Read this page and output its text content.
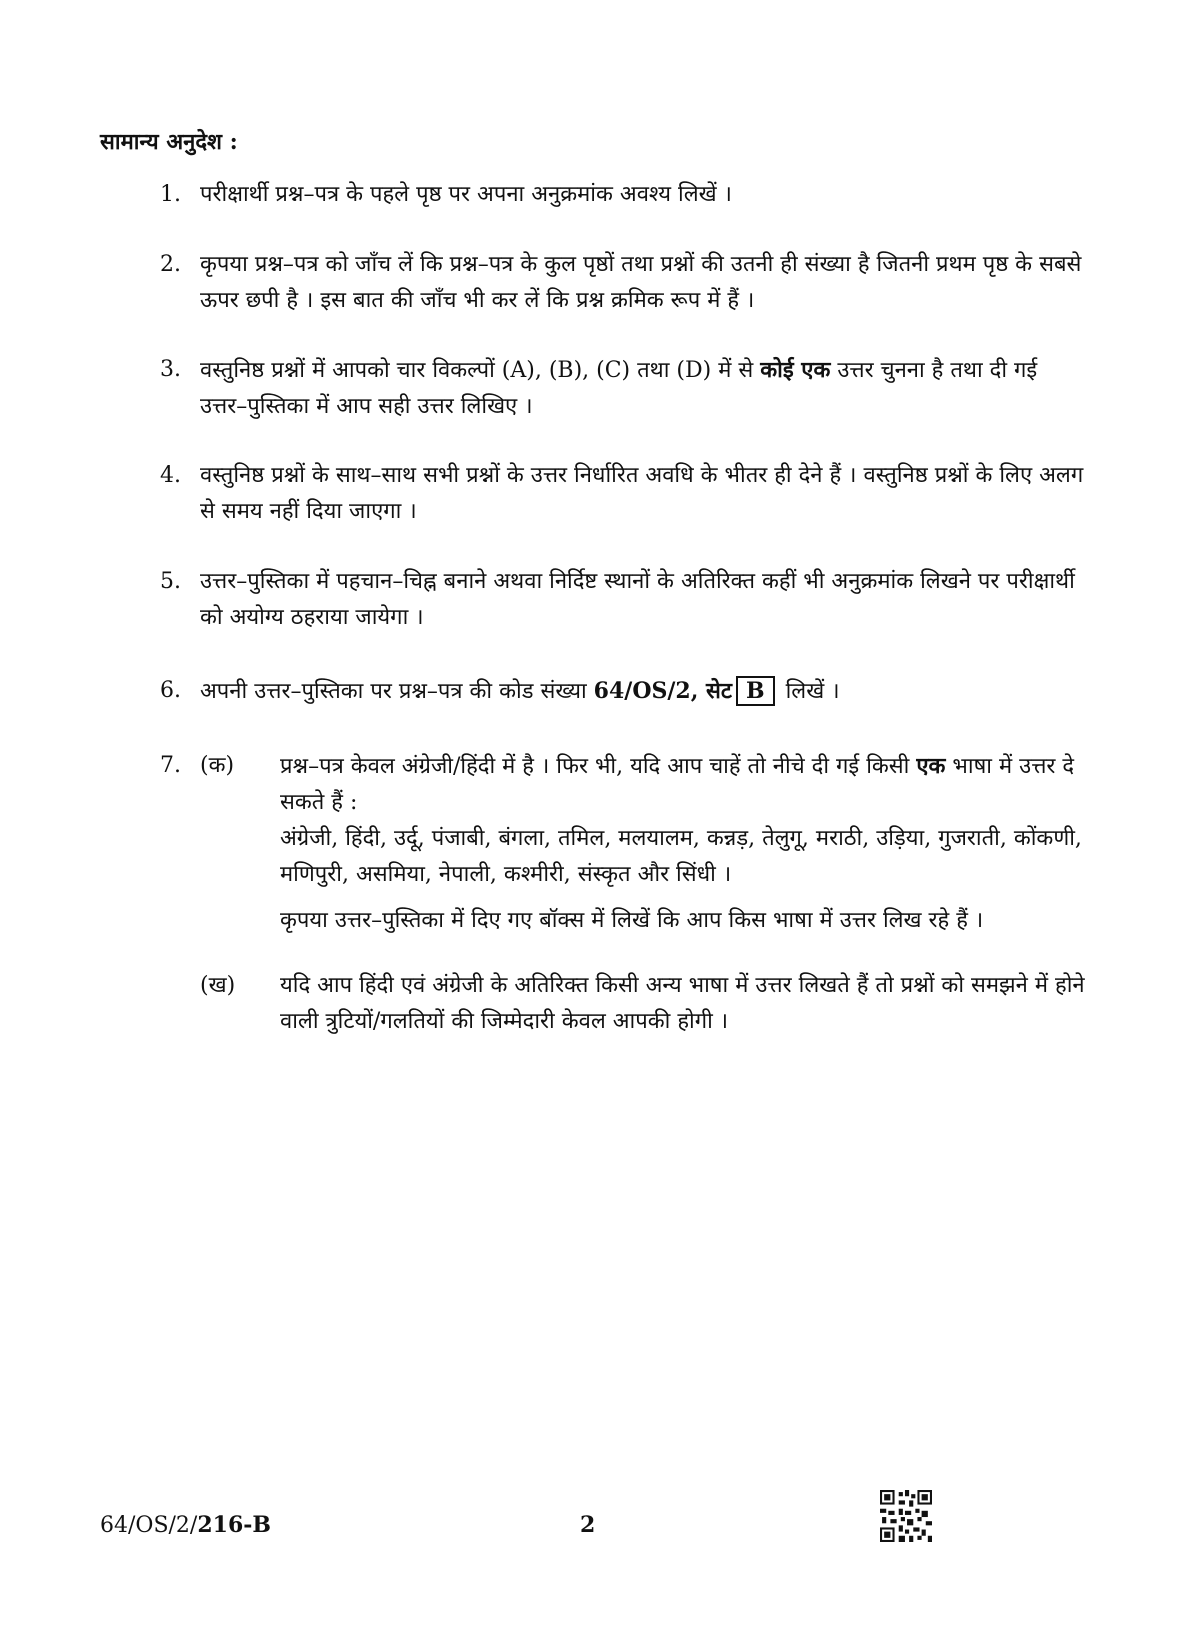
सामान्य अनुदेश :
1. परीक्षार्थी प्रश्न–पत्र के पहले पृष्ठ पर अपना अनुक्रमांक अवश्य लिखें ।
2. कृपया प्रश्न–पत्र को जाँच लें कि प्रश्न–पत्र के कुल पृष्ठों तथा प्रश्नों की उतनी ही संख्या है जितनी प्रथम पृष्ठ के सबसे ऊपर छपी है । इस बात की जाँच भी कर लें कि प्रश्न क्रमिक रूप में हैं ।
3. वस्तुनिष्ठ प्रश्नों में आपको चार विकल्पों (A), (B), (C) तथा (D) में से कोई एक उत्तर चुनना है तथा दी गई उत्तर–पुस्तिका में आप सही उत्तर लिखिए ।
4. वस्तुनिष्ठ प्रश्नों के साथ–साथ सभी प्रश्नों के उत्तर निर्धारित अवधि के भीतर ही देने हैं । वस्तुनिष्ठ प्रश्नों के लिए अलग से समय नहीं दिया जाएगा ।
5. उत्तर–पुस्तिका में पहचान–चिह्न बनाने अथवा निर्दिष्ट स्थानों के अतिरिक्त कहीं भी अनुक्रमांक लिखने पर परीक्षार्थी को अयोग्य ठहराया जायेगा ।
6. अपनी उत्तर–पुस्तिका पर प्रश्न–पत्र की कोड संख्या 64/OS/2, सेट B लिखें ।
7. (क)	प्रश्न–पत्र केवल अंग्रेजी/हिंदी में है । फिर भी, यदि आप चाहें तो नीचे दी गई किसी एक भाषा में उत्तर दे सकते हैं :

अंग्रेजी, हिंदी, उर्दू, पंजाबी, बंगला, तमिल, मलयालम, कन्नड़, तेलुगू, मराठी, उड़िया, गुजराती, कोंकणी, मणिपुरी, असमिया, नेपाली, कश्मीरी, संस्कृत और सिंधी ।

कृपया उत्तर–पुस्तिका में दिए गए बॉक्स में लिखें कि आप किस भाषा में उत्तर लिख रहे हैं ।

(ख)	यदि आप हिंदी एवं अंग्रेजी के अतिरिक्त किसी अन्य भाषा में उत्तर लिखते हैं तो प्रश्नों को समझने में होने वाली त्रुटियों/गलतियों की जिम्मेदारी केवल आपकी होगी ।
64/OS/2/216-B	2
